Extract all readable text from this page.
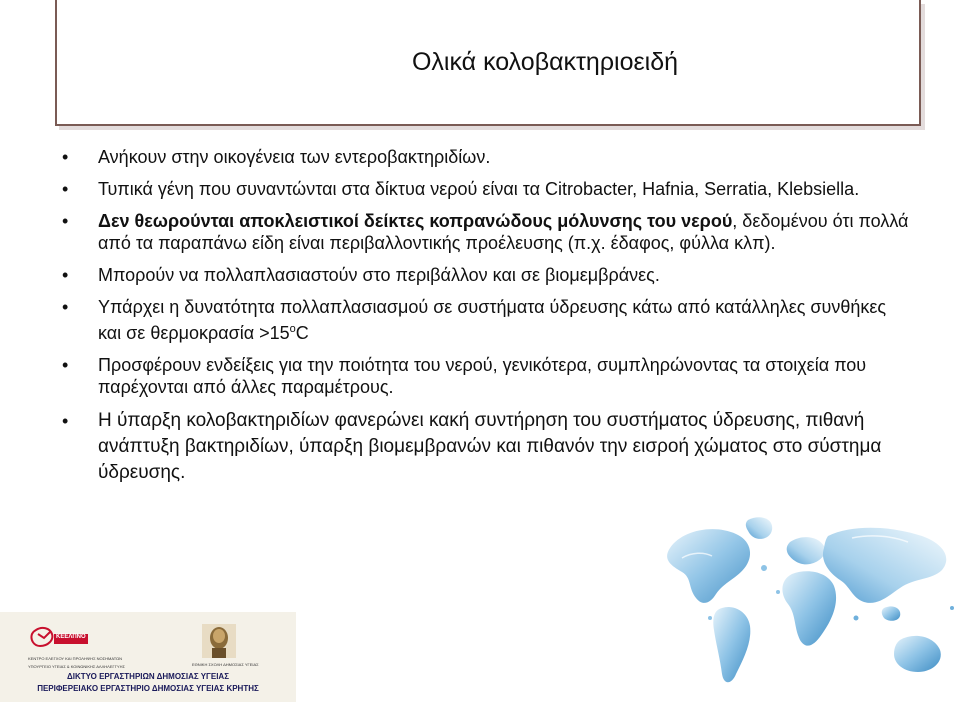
Ολικά κολοβακτηριοειδή
• Ανήκουν στην οικογένεια των εντεροβακτηριδίων.
• Τυπικά γένη που συναντώνται στα δίκτυα νερού είναι τα Citrobacter, Hafnia, Serratia, Klebsiella.
• Δεν θεωρούνται αποκλειστικοί δείκτες κοπρανώδους μόλυνσης του νερού, δεδομένου ότι πολλά από τα παραπάνω είδη είναι περιβαλλοντικής προέλευσης (π.χ. έδαφος, φύλλα κλπ).
• Μπορούν να πολλαπλασιαστούν στο περιβάλλον και σε βιομεμβράνες.
• Υπάρχει η δυνατότητα πολλαπλασιασμού σε συστήματα ύδρευσης κάτω από κατάλληλες συνθήκες και σε $\theta\varepsilon\rho\mu o\kappa\rho\alpha\sigma ί\alpha >15^oC$
• Προσφέρουν ενδείξεις για την ποιότητα του νερού, γενικότερα, συμπληρώνοντας τα στοιχεία που παρέχονται από άλλες παραμέτρους.
• Η ύπαρξη κολοβακτηριδίων φανερώνει κακή συντήρηση του συστήματος ύδρευσης, πιθανή ανάπτυξη βακτηριδίων, ύπαρξη βιομεμβρανών και πιθανόν την εισροή χώματος στο σύστημα ύδρευσης.
ΚΕΕΛΠΝΟ
ΚΕΝΤΡΟ ΕΛΕΓΧΟΥ ΚΑΙ ΠΡΟΛΗΨΗΣ ΝΟΣΗΜΑΤΩΝ
ΥΠΟΥΡΓΕΙΟ ΥΓΕΙΑΣ & ΚΟΙΝΩΝΙΚΗΣ ΑΛΛΗΛΕΓΓΥΗΣ	ΕΘΝΙΚΗ ΣΧΟΛΗ ΔΗΜΟΣΙΑΣ ΥΓΕΙΑΣ
ΔΙΚΤΥΟ ΕΡΓΑΣΤΗΡΙΩΝ ΔΗΜΟΣΙΑΣ ΥΓΕΙΑΣ
ΠΕΡΙΦΕΡΕΙΑΚΟ ΕΡΓΑΣΤΗΡΙΟ ΔΗΜΟΣΙΑΣ ΥΓΕΙΑΣ ΚΡΗΤΗΣ
